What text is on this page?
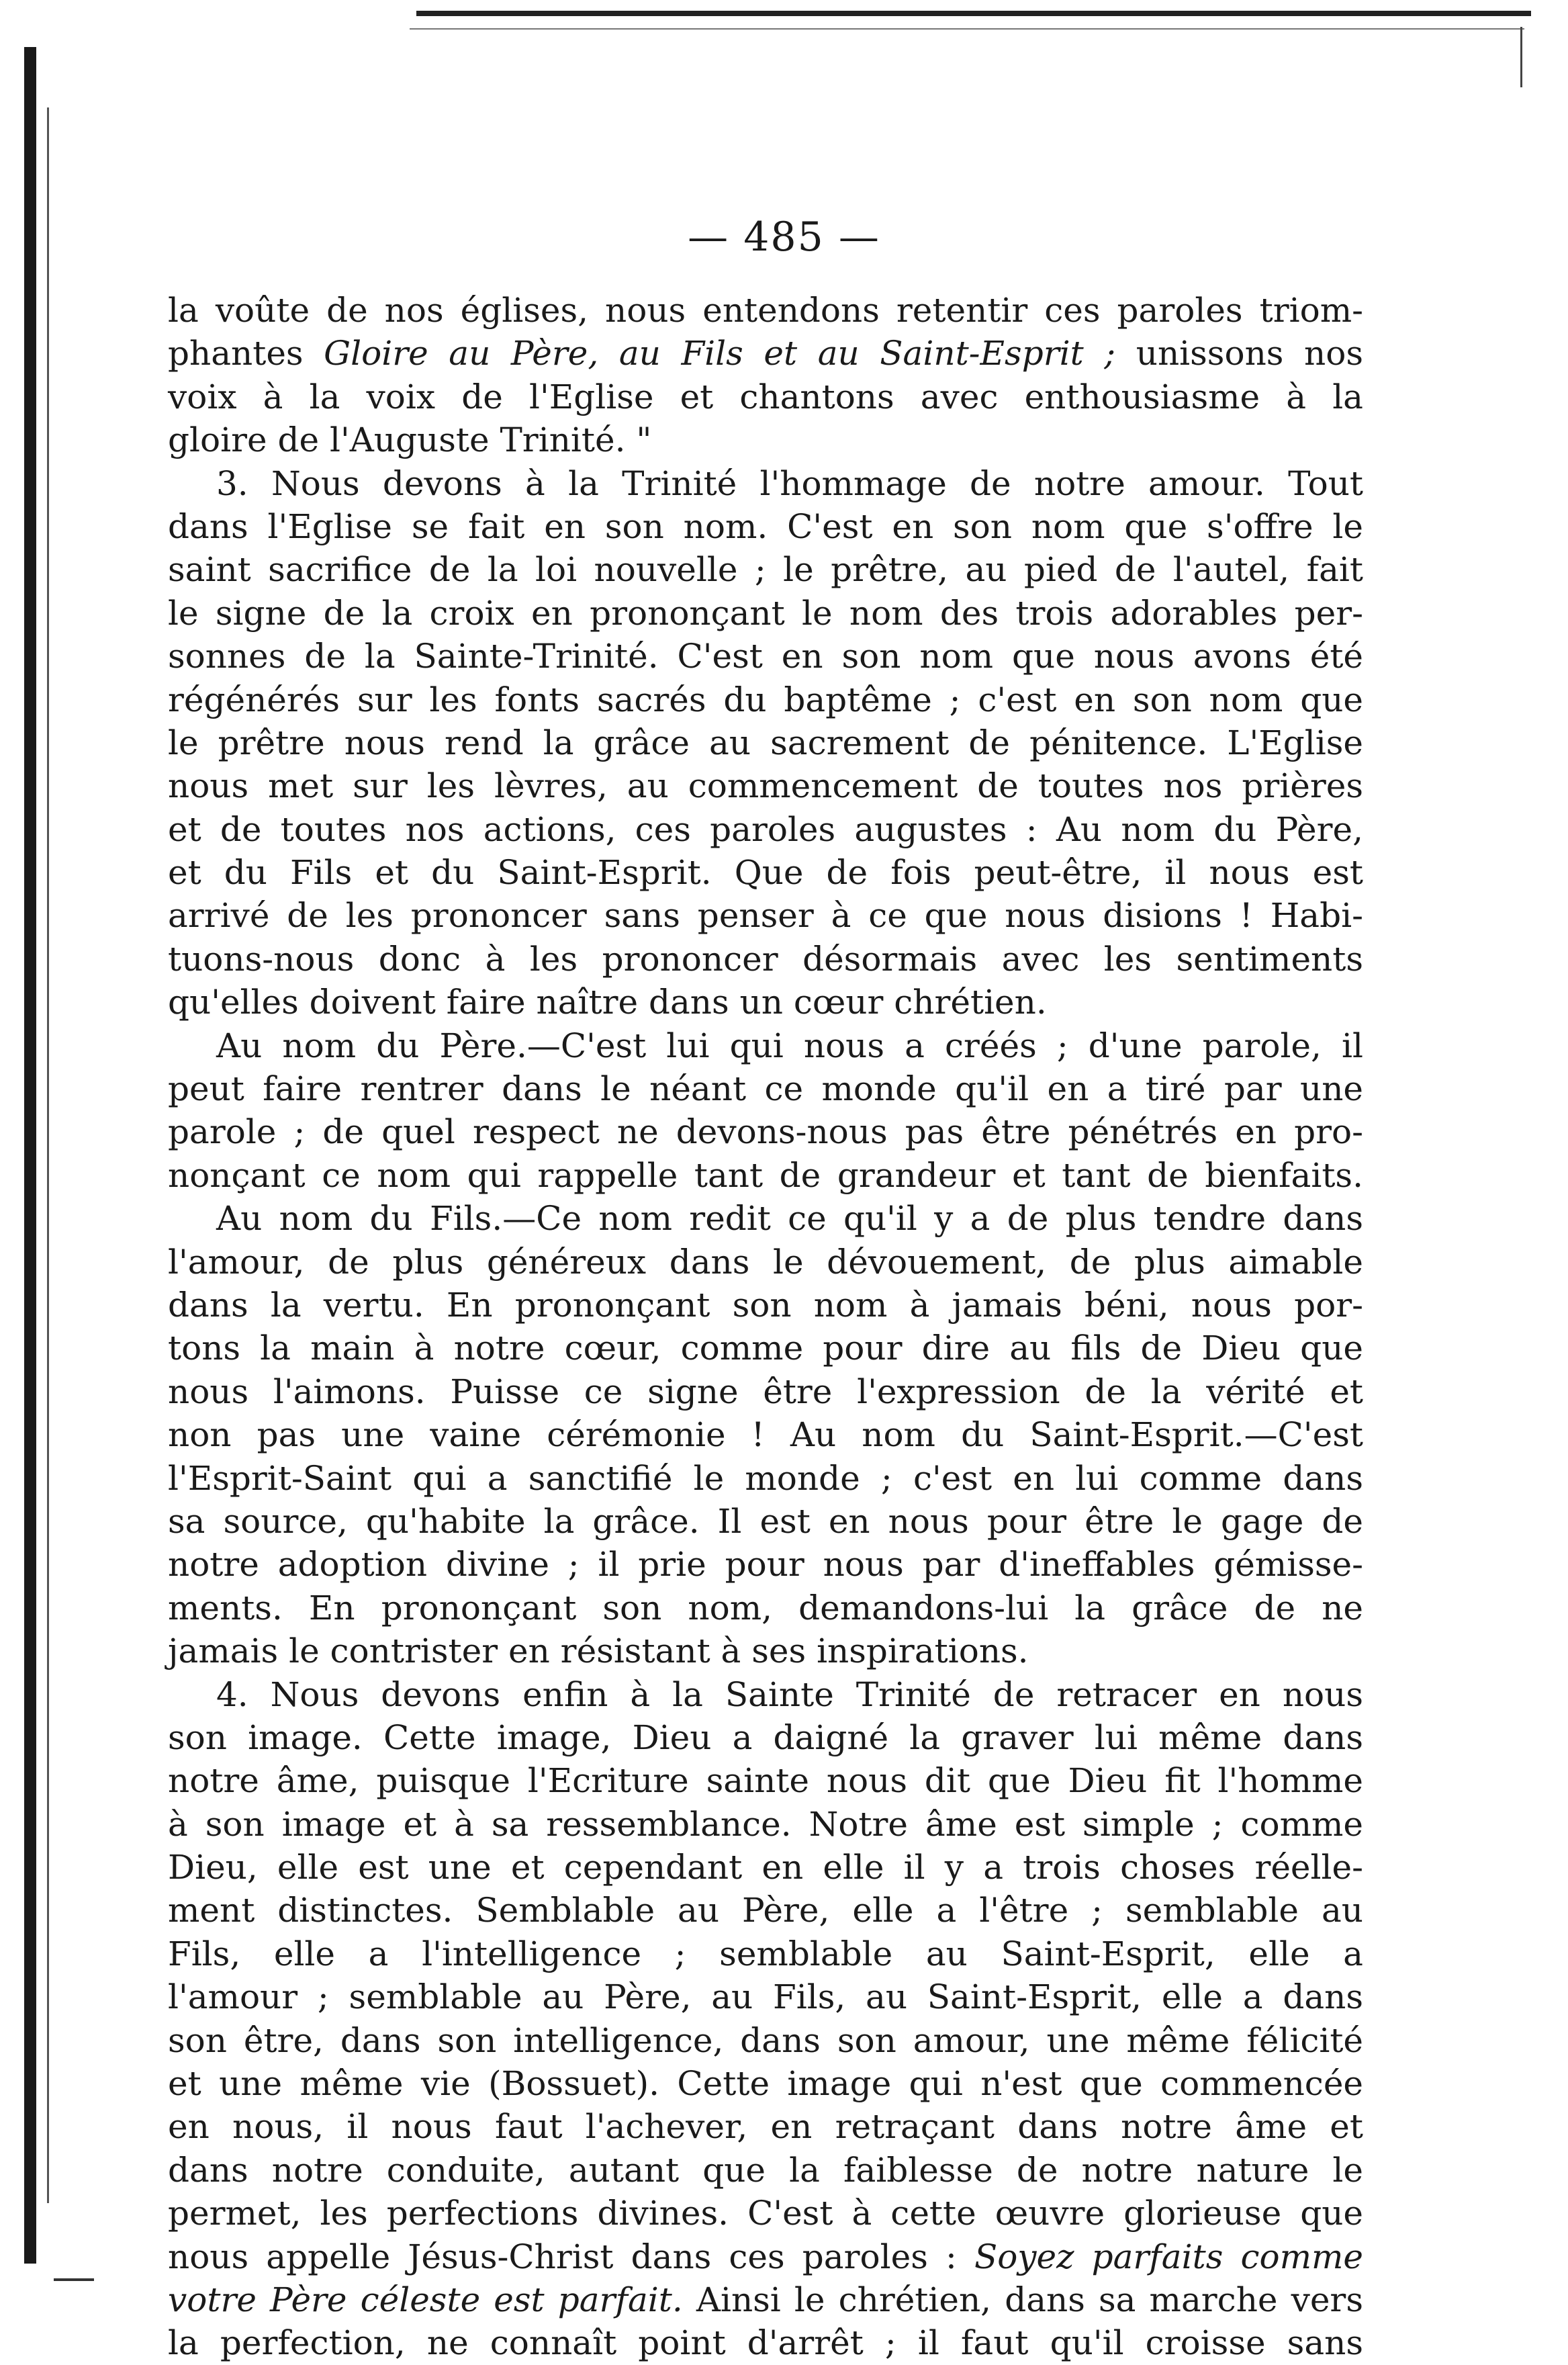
— 485 —
la voûte de nos églises, nous entendons retentir ces paroles triom-
phantes Gloire au Père, au Fils et au Saint-Esprit ; unissons nos
voix à la voix de l'Eglise et chantons avec enthousiasme à la
gloire de l'Auguste Trinité. "
3. Nous devons à la Trinité l'hommage de notre amour. Tout
dans l'Eglise se fait en son nom. C'est en son nom que s'offre le
saint sacrifice de la loi nouvelle ; le prêtre, au pied de l'autel, fait
le signe de la croix en prononçant le nom des trois adorables per-
sonnes de la Sainte-Trinité. C'est en son nom que nous avons été
régénérés sur les fonts sacrés du baptême ; c'est en son nom que
le prêtre nous rend la grâce au sacrement de pénitence. L'Eglise
nous met sur les lèvres, au commencement de toutes nos prières
et de toutes nos actions, ces paroles augustes : Au nom du Père,
et du Fils et du Saint-Esprit. Que de fois peut-être, il nous est
arrivé de les prononcer sans penser à ce que nous disions ! Habi-
tuons-nous donc à les prononcer désormais avec les sentiments
qu'elles doivent faire naître dans un cœur chrétien.
Au nom du Père.—C'est lui qui nous a créés ; d'une parole, il
peut faire rentrer dans le néant ce monde qu'il en a tiré par une
parole ; de quel respect ne devons-nous pas être pénétrés en pro-
nonçant ce nom qui rappelle tant de grandeur et tant de bienfaits.
Au nom du Fils.—Ce nom redit ce qu'il y a de plus tendre dans
l'amour, de plus généreux dans le dévouement, de plus aimable
dans la vertu. En prononçant son nom à jamais béni, nous por-
tons la main à notre cœur, comme pour dire au fils de Dieu que
nous l'aimons. Puisse ce signe être l'expression de la vérité et
non pas une vaine cérémonie ! Au nom du Saint-Esprit.—C'est
l'Esprit-Saint qui a sanctifié le monde ; c'est en lui comme dans
sa source, qu'habite la grâce. Il est en nous pour être le gage de
notre adoption divine ; il prie pour nous par d'ineffables gémisse-
ments. En prononçant son nom, demandons-lui la grâce de ne
jamais le contrister en résistant à ses inspirations.
4. Nous devons enfin à la Sainte Trinité de retracer en nous
son image. Cette image, Dieu a daigné la graver lui même dans
notre âme, puisque l'Ecriture sainte nous dit que Dieu fit l'homme
à son image et à sa ressemblance. Notre âme est simple ; comme
Dieu, elle est une et cependant en elle il y a trois choses réelle-
ment distinctes. Semblable au Père, elle a l'être ; semblable au
Fils, elle a l'intelligence ; semblable au Saint-Esprit, elle a
l'amour ; semblable au Père, au Fils, au Saint-Esprit, elle a dans
son être, dans son intelligence, dans son amour, une même félicité
et une même vie (Bossuet). Cette image qui n'est que commencée
en nous, il nous faut l'achever, en retraçant dans notre âme et
dans notre conduite, autant que la faiblesse de notre nature le
permet, les perfections divines. C'est à cette œuvre glorieuse que
nous appelle Jésus-Christ dans ces paroles : Soyez parfaits comme
votre Père céleste est parfait. Ainsi le chrétien, dans sa marche vers
la perfection, ne connaît point d'arrêt ; il faut qu'il croisse sans
